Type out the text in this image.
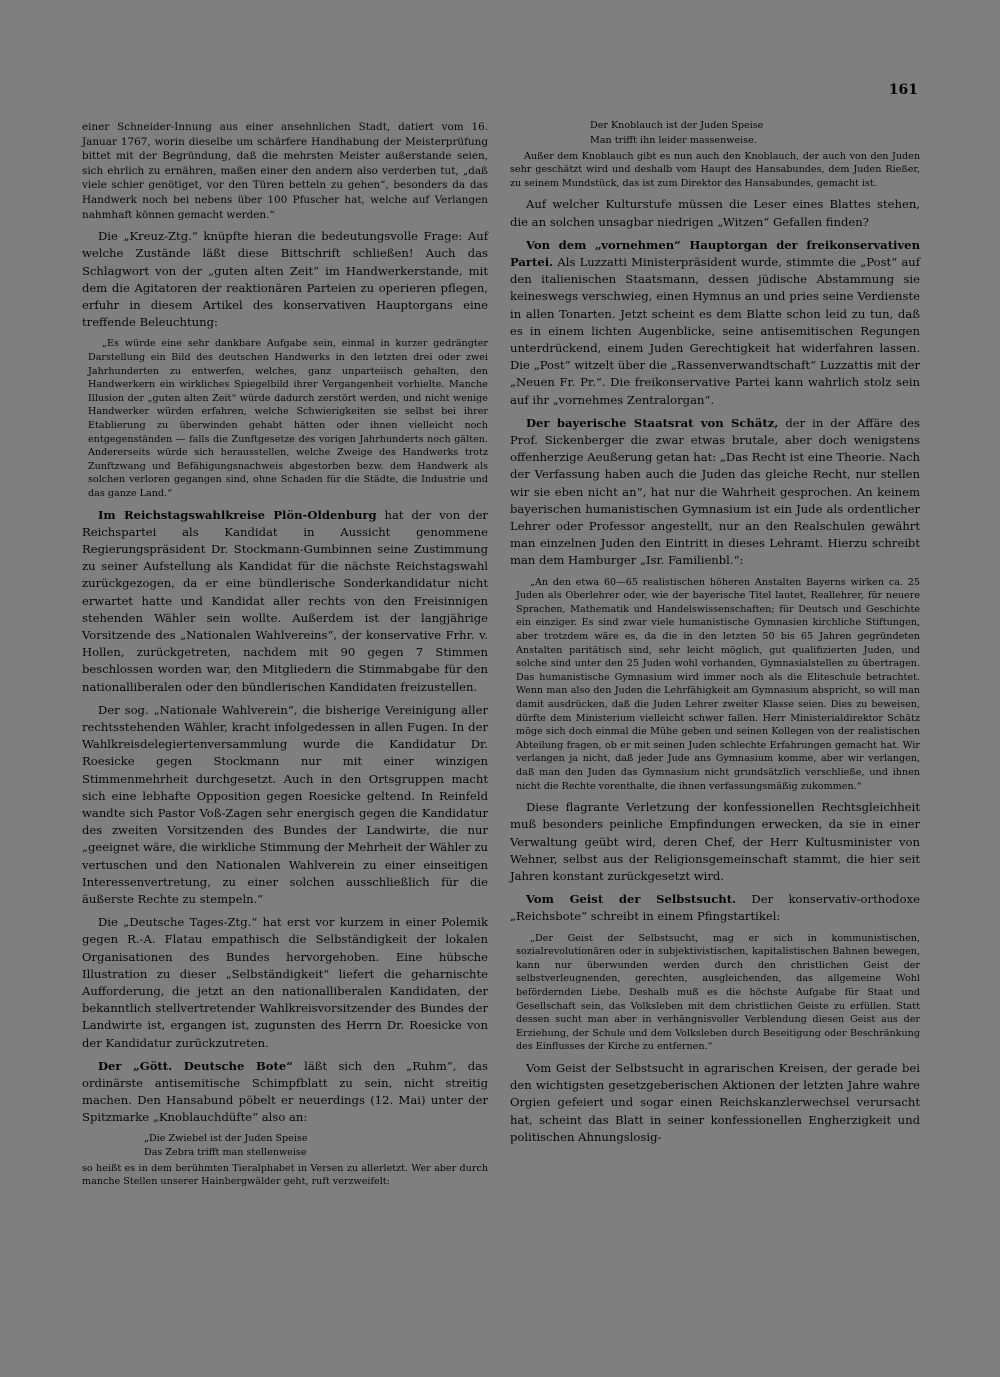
161

einer Schneider-Innung aus einer ansehnlichen Stadt, datiert vom 16. Januar 1767, worin dieselbe um schärfere Handhabung der Meisterprüfung bittet mit der Begründung, daß die mehrsten Meister außerstande seien, sich ehrlich zu ernähren, maßen einer den andern also verderben tut, „daß viele schier genötiget, vor den Türen betteln zu gehen“, besonders da das Handwerk noch bei nebens über 100 Pfuscher hat, welche auf Verlangen nahmhaft können gemacht werden.“

Die „Kreuz-Ztg.“ knüpfte hieran die bedeutungsvolle Frage: Auf welche Zustände läßt diese Bittschrift schließen! Auch das Schlagwort von der „guten alten Zeit“ im Handwerkerstande, mit dem die Agitatoren der reaktionären Parteien zu operieren pflegen, erfuhr in diesem Artikel des konservativen Hauptorgans eine treffende Beleuchtung:

„Es würde eine sehr dankbare Aufgabe sein, einmal in kurzer gedrängter Darstellung ein Bild des deutschen Handwerks in den letzten drei oder zwei Jahrhunderten zu entwerfen, welches, ganz unparteiisch gehalten, den Handwerkern ein wirkliches Spiegelbild ihrer Vergangenheit vorhielte. Manche Illusion der „guten alten Zeit“ würde dadurch zerstört werden, und nicht wenige Handwerker würden erfahren, welche Schwierigkeiten sie selbst bei ihrer Etablierung zu überwinden gehabt hätten oder ihnen vielleicht noch entgegenständen — falls die Zunftgesetze des vorigen Jahrhunderts noch gälten. Andererseits würde sich herausstellen, welche Zweige des Handwerks trotz Zunftzwang und Befähigungsnachweis abgestorben bezw. dem Handwerk als solchen verloren gegangen sind, ohne Schaden für die Städte, die Industrie und das ganze Land.“

Im Reichstagswahlkreise Plön-Oldenburg hat der von der Reichspartei als Kandidat in Aussicht genommene Regierungspräsident Dr. Stockmann-Gumbinnen seine Zustimmung zu seiner Aufstellung als Kandidat für die nächste Reichstagswahl zurückgezogen, da er eine bündlerische Sonderkandidatur nicht erwartet hatte und Kandidat aller rechts von den Freisinnigen stehenden Wähler sein wollte. Außerdem ist der langjährige Vorsitzende des „Nationalen Wahlvereins“, der konservative Frhr. v. Hollen, zurückgetreten, nachdem mit 90 gegen 7 Stimmen beschlossen worden war, den Mitgliedern die Stimmabgabe für den nationalliberalen oder den bündlerischen Kandidaten freizustellen.

Der sog. „Nationale Wahlverein“, die bisherige Vereinigung aller rechtsstehenden Wähler, kracht infolgedessen in allen Fugen. In der Wahlkreisdelegiertenversammlung wurde die Kandidatur Dr. Roesicke gegen Stockmann nur mit einer winzigen Stimmenmehrheit durchgesetzt. Auch in den Ortsgruppen macht sich eine lebhafte Opposition gegen Roesicke geltend. In Reinfeld wandte sich Pastor Voß-Zagen sehr energisch gegen die Kandidatur des zweiten Vorsitzenden des Bundes der Landwirte, die nur „geeignet wäre, die wirkliche Stimmung der Mehrheit der Wähler zu vertuschen und den Nationalen Wahlverein zu einer einseitigen Interessenvertretung, zu einer solchen ausschließlich für die äußerste Rechte zu stempeln.“

Die „Deutsche Tages-Ztg.“ hat erst vor kurzem in einer Polemik gegen R.-A. Flatau empathisch die Selbständigkeit der lokalen Organisationen des Bundes hervorgehoben. Eine hübsche Illustration zu dieser „Selbständigkeit“ liefert die geharnischte Aufforderung, die jetzt an den nationalliberalen Kandidaten, der bekanntlich stellvertretender Wahlkreisvorsitzender des Bundes der Landwirte ist, ergangen ist, zugunsten des Herrn Dr. Roesicke von der Kandidatur zurückzutreten.

Der „Gött. Deutsche Bote“ läßt sich den „Ruhm“, das ordinärste antisemitische Schimpfblatt zu sein, nicht streitig machen. Den Hansabund pöbelt er neuerdings (12. Mai) unter der Spitzmarke „Knoblauchdüfte“ also an:

„Die Zwiebel ist der Juden Speise

Das Zebra trifft man stellenweise

so heißt es in dem berühmten Tieralphabet in Versen zu allerletzt. Wer aber durch manche Stellen unserer Hainbergwälder geht, ruft verzweifelt:

Der Knoblauch ist der Juden Speise

Man trifft ihn leider massenweise.

Außer dem Knoblauch gibt es nun auch den Knoblauch, der auch von den Juden sehr geschätzt wird und deshalb vom Haupt des Hansabundes, dem Juden Rießer, zu seinem Mundstück, das ist zum Direktor des Hansabundes, gemacht ist.

Auf welcher Kulturstufe müssen die Leser eines Blattes stehen, die an solchen unsagbar niedrigen „Witzen“ Gefallen finden?

Von dem „vornehmen“ Hauptorgan der freikonservativen Partei. Als Luzzatti Ministerpräsident wurde, stimmte die „Post“ auf den italienischen Staatsmann, dessen jüdische Abstammung sie keineswegs verschwieg, einen Hymnus an und pries seine Verdienste in allen Tonarten. Jetzt scheint es dem Blatte schon leid zu tun, daß es in einem lichten Augenblicke, seine antisemitischen Regungen unterdrückend, einem Juden Gerechtigkeit hat widerfahren lassen. Die „Post“ witzelt über die „Rassenverwandtschaft“ Luzzattis mit der „Neuen Fr. Pr.“. Die freikonservative Partei kann wahrlich stolz sein auf ihr „vornehmes Zentralorgan“.

Der bayerische Staatsrat von Schätz, der in der Affäre des Prof. Sickenberger die zwar etwas brutale, aber doch wenigstens offenherzige Aeußerung getan hat: „Das Recht ist eine Theorie. Nach der Verfassung haben auch die Juden das gleiche Recht, nur stellen wir sie eben nicht an“, hat nur die Wahrheit gesprochen. An keinem bayerischen humanistischen Gymnasium ist ein Jude als ordentlicher Lehrer oder Professor angestellt, nur an den Realschulen gewährt man einzelnen Juden den Eintritt in dieses Lehramt. Hierzu schreibt man dem Hamburger „Isr. Familienbl.“:

„An den etwa 60—65 realistischen höheren Anstalten Bayerns wirken ca. 25 Juden als Oberlehrer oder, wie der bayerische Titel lautet, Reallehrer, für neuere Sprachen, Mathematik und Handelswissenschaften; für Deutsch und Geschichte ein einziger. Es sind zwar viele humanistische Gymnasien kirchliche Stiftungen, aber trotzdem wäre es, da die in den letzten 50 bis 65 Jahren gegründeten Anstalten paritätisch sind, sehr leicht möglich, gut qualifizierten Juden, und solche sind unter den 25 Juden wohl vorhanden, Gymnasialstellen zu übertragen. Das humanistische Gymnasium wird immer noch als die Eliteschule betrachtet. Wenn man also den Juden die Lehrfähigkeit am Gymnasium abspricht, so will man damit ausdrücken, daß die Juden Lehrer zweiter Klasse seien. Dies zu beweisen, dürfte dem Ministerium vielleicht schwer fallen. Herr Ministerialdirektor Schätz möge sich doch einmal die Mühe geben und seinen Kollegen von der realistischen Abteilung fragen, ob er mit seinen Juden schlechte Erfahrungen gemacht hat. Wir verlangen ja nicht, daß jeder Jude ans Gymnasium komme, aber wir verlangen, daß man den Juden das Gymnasium nicht grundsätzlich verschließe, und ihnen nicht die Rechte vorenthalte, die ihnen verfassungsmäßig zukommen.“

Diese flagrante Verletzung der konfessionellen Rechtsgleichheit muß besonders peinliche Empfindungen erwecken, da sie in einer Verwaltung geübt wird, deren Chef, der Herr Kultusminister von Wehner, selbst aus der Religionsgemeinschaft stammt, die hier seit Jahren konstant zurückgesetzt wird.

Vom Geist der Selbstsucht. Der konservativ-orthodoxe „Reichsbote“ schreibt in einem Pfingstartikel:

„Der Geist der Selbstsucht, mag er sich in kommunistischen, sozialrevolutionären oder in subjektivistischen, kapitalistischen Bahnen bewegen, kann nur überwunden werden durch den christlichen Geist der selbstverleugnenden, gerechten, ausgleichenden, das allgemeine Wohl befördernden Liebe. Deshalb muß es die höchste Aufgabe für Staat und Gesellschaft sein, das Volksleben mit dem christlichen Geiste zu erfüllen. Statt dessen sucht man aber in verhängnisvoller Verblendung diesen Geist aus der Erziehung, der Schule und dem Volksleben durch Beseitigung oder Beschränkung des Einflusses der Kirche zu entfernen.“

Vom Geist der Selbstsucht in agrarischen Kreisen, der gerade bei den wichtigsten gesetzgeberischen Aktionen der letzten Jahre wahre Orgien gefeiert und sogar einen Reichskanzlerwechsel verursacht hat, scheint das Blatt in seiner konfessionellen Engherzigkeit und politischen Ahnungslosig-
